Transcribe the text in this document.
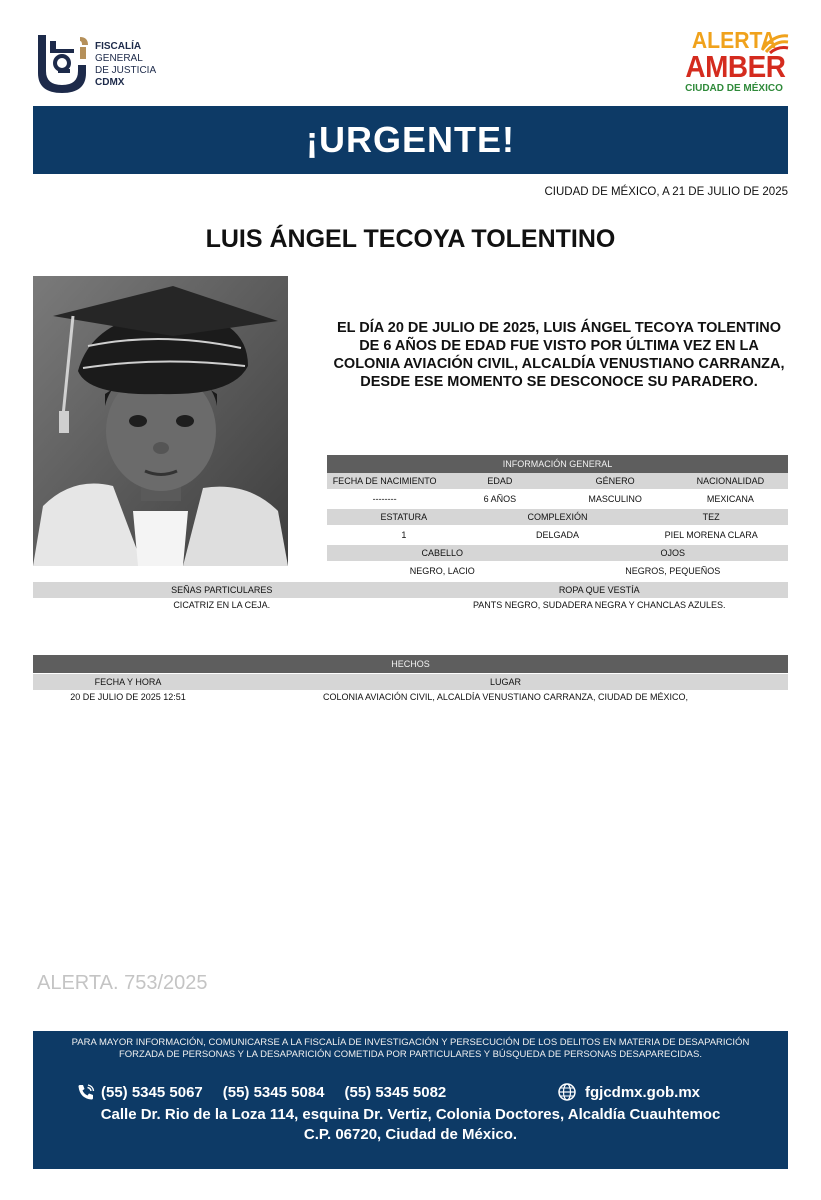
FISCALÍA
GENERAL
DE JUSTICIA
CDMX
ALERTA
AMBER
CIUDAD DE MÉXICO
¡URGENTE!
CIUDAD DE MÉXICO, A 21 DE JULIO DE 2025
LUIS ÁNGEL TECOYA TOLENTINO
EL DÍA 20 DE JULIO DE 2025, LUIS ÁNGEL TECOYA TOLENTINO DE 6 AÑOS DE EDAD FUE VISTO POR ÚLTIMA VEZ EN LA COLONIA AVIACIÓN CIVIL, ALCALDÍA VENUSTIANO CARRANZA, DESDE ESE MOMENTO SE DESCONOCE SU PARADERO.
INFORMACIÓN GENERAL
FECHA DE NACIMIENTO	EDAD	GÉNERO	NACIONALIDAD
--------	6 AÑOS	MASCULINO	MEXICANA
ESTATURA	COMPLEXIÓN	TEZ
1	DELGADA	PIEL MORENA CLARA
CABELLO	OJOS
NEGRO, LACIO	NEGROS, PEQUEÑOS
SEÑAS PARTICULARES	ROPA QUE VESTÍA
CICATRIZ EN LA CEJA.	PANTS NEGRO, SUDADERA NEGRA Y CHANCLAS AZULES.
HECHOS
FECHA Y HORA	LUGAR
20 DE JULIO DE 2025 12:51	COLONIA AVIACIÓN CIVIL, ALCALDÍA VENUSTIANO CARRANZA, CIUDAD DE MÉXICO,
ALERTA. 753/2025
PARA MAYOR INFORMACIÓN, COMUNICARSE A LA FISCALÍA DE INVESTIGACIÓN Y PERSECUCIÓN DE LOS DELITOS EN MATERIA DE DESAPARICIÓN FORZADA DE PERSONAS Y LA DESAPARICIÓN COMETIDA POR PARTICULARES Y BÚSQUEDA DE PERSONAS DESAPARECIDAS.
(55) 5345 5067 (55) 5345 5084 (55) 5345 5082	fgjcdmx.gob.mx
Calle Dr. Rio de la Loza 114, esquina Dr. Vertiz, Colonia Doctores, Alcaldía Cuauhtemoc
C.P. 06720, Ciudad de México.
